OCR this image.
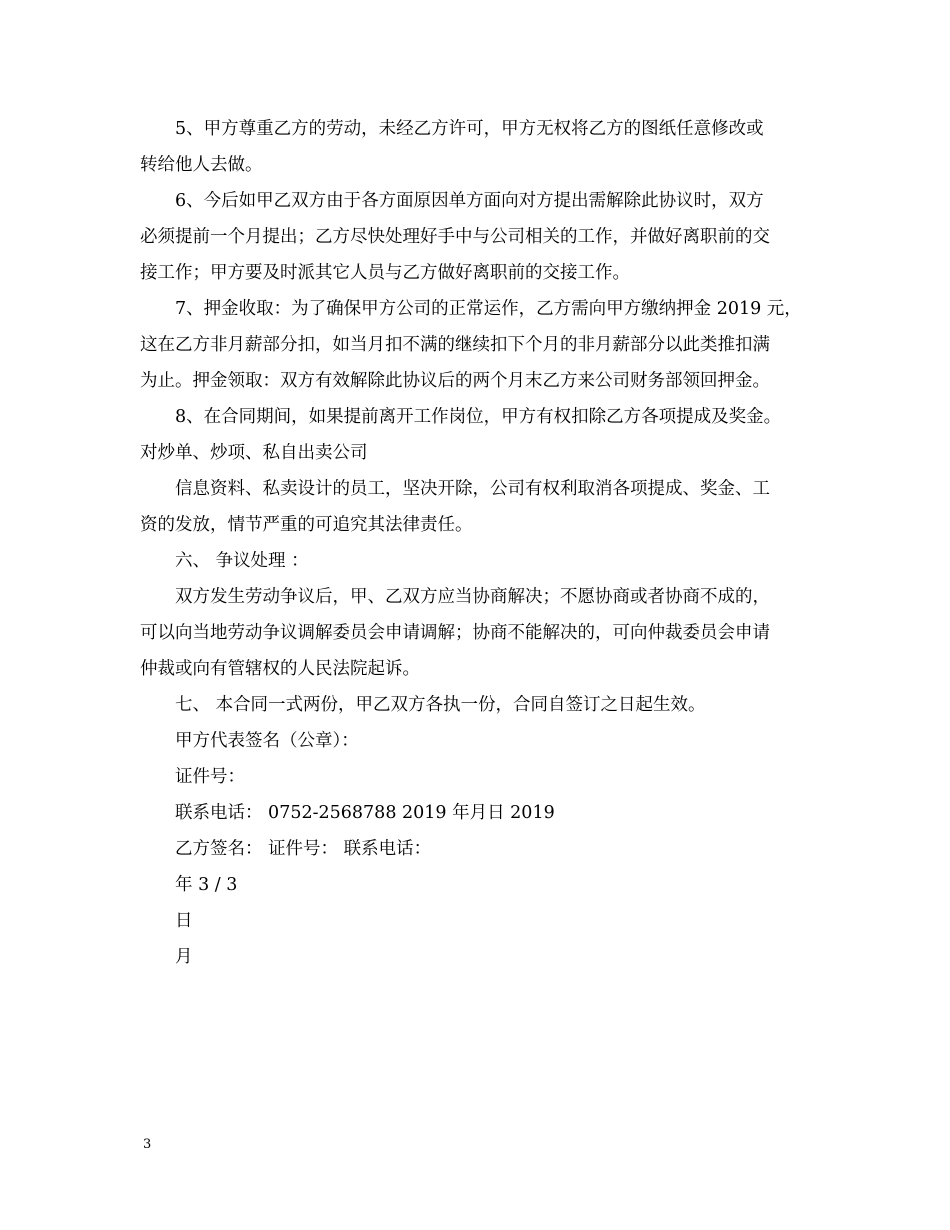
5、甲方尊重乙方的劳动，未经乙方许可，甲方无权将乙方的图纸任意修改或
转给他人去做。
6、今后如甲乙双方由于各方面原因单方面向对方提出需解除此协议时，双方
必须提前一个月提出；乙方尽快处理好手中与公司相关的工作，并做好离职前的交
接工作；甲方要及时派其它人员与乙方做好离职前的交接工作。
7、押金收取：为了确保甲方公司的正常运作，乙方需向甲方缴纳押金 2019 元，
这在乙方非月薪部分扣，如当月扣不满的继续扣下个月的非月薪部分以此类推扣满
为止。押金领取：双方有效解除此协议后的两个月末乙方来公司财务部领回押金。
8、在合同期间，如果提前离开工作岗位，甲方有权扣除乙方各项提成及奖金。
对炒单、炒项、私自出卖公司
信息资料、私卖设计的员工，坚决开除，公司有权利取消各项提成、奖金、工
资的发放，情节严重的可追究其法律责任。
六、 争议处理 ：
双方发生劳动争议后，甲、乙双方应当协商解决；不愿协商或者协商不成的，
可以向当地劳动争议调解委员会申请调解；协商不能解决的，可向仲裁委员会申请
仲裁或向有管辖权的人民法院起诉。
七、 本合同一式两份，甲乙双方各执一份，合同自签订之日起生效。
甲方代表签名（公章）：
证件号：
联系电话： 0752-2568788 2019 年月日 2019
乙方签名： 证件号： 联系电话：
年 3 / 3
日
月
3
